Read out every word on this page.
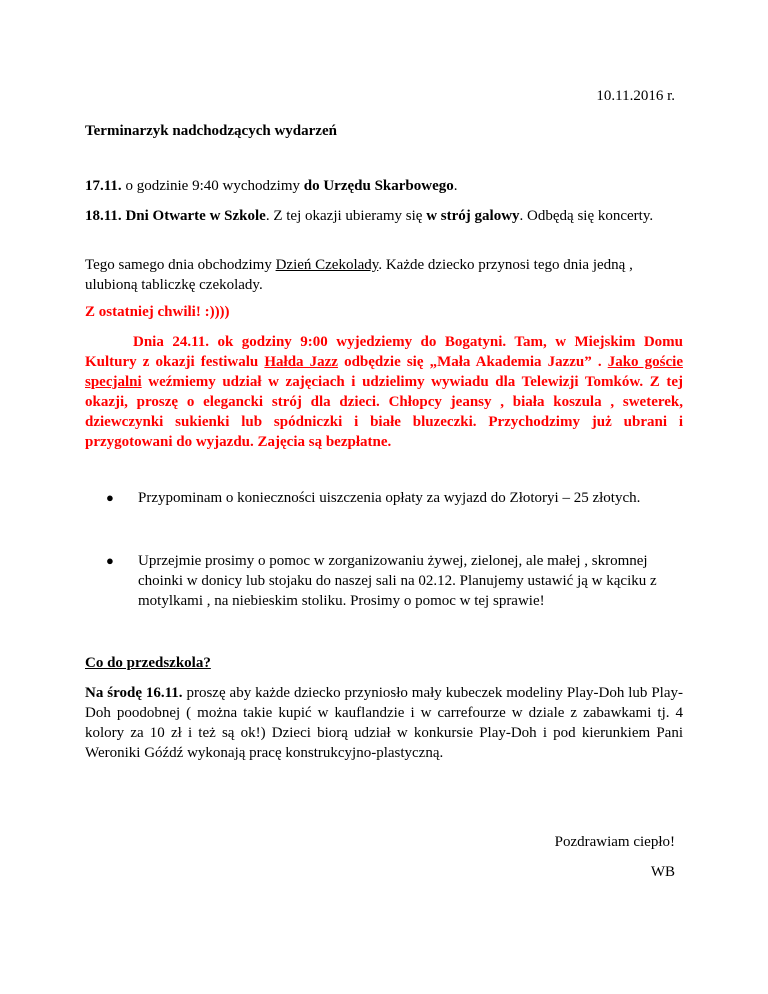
10.11.2016 r.
Terminarzyk nadchodzących wydarzeń
17.11. o godzinie 9:40 wychodzimy do Urzędu Skarbowego.
18.11. Dni Otwarte w Szkole. Z tej okazji ubieramy się w strój galowy. Odbędą się koncerty.
Tego samego dnia obchodzimy Dzień Czekolady. Każde dziecko przynosi tego dnia jedną , ulubioną tabliczkę czekolady.
Z ostatniej chwili! :))))
Dnia 24.11. ok godziny 9:00 wyjedziemy do Bogatyni. Tam, w Miejskim Domu Kultury z okazji festiwalu Hałda Jazz odbędzie się „Mała Akademia Jazzu” . Jako goście specjalni weźmiemy udział w zajęciach i udzielimy wywiadu dla Telewizji Tomków. Z tej okazji, proszę o elegancki strój dla dzieci. Chłopcy jeansy , biała koszula , sweterek, dziewczynki sukienki lub spódniczki i białe bluzeczki. Przychodzimy już ubrani i przygotowani do wyjazdu. Zajęcia są bezpłatne.
●	Przypominam o konieczności uiszczenia opłaty za wyjazd do Złotoryi – 25 złotych.
●	Uprzejmie prosimy o pomoc w zorganizowaniu żywej, zielonej, ale małej , skromnej choinki w donicy lub stojaku do naszej sali na 02.12. Planujemy ustawić ją w kąciku z motylkami , na niebieskim stoliku. Prosimy o pomoc w tej sprawie!
Co do przedszkola?
Na środę 16.11. proszę aby każde dziecko przyniosło mały kubeczek modeliny Play-Doh lub Play-Doh poodobnej ( można takie kupić w kauflandzie i w carrefourze w dziale z zabawkami tj. 4 kolory za 10 zł i też są ok!) Dzieci biorą udział w konkursie Play-Doh i pod kierunkiem Pani Weroniki Góźdź wykonają pracę konstrukcyjno-plastyczną.
Pozdrawiam ciepło!
WB
